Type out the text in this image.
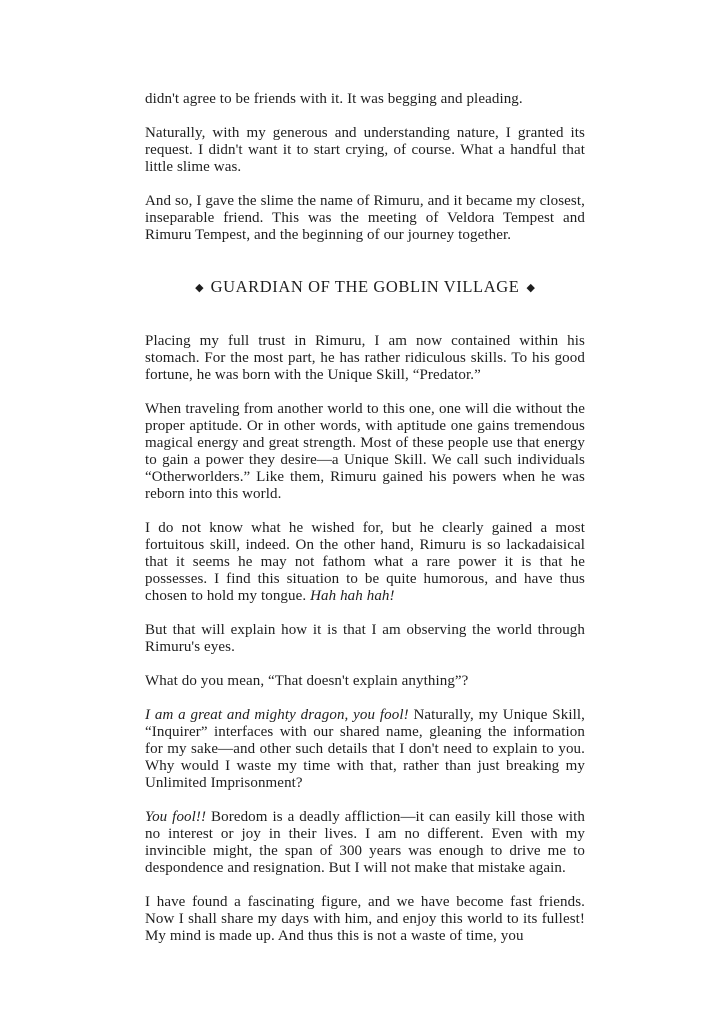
didn't agree to be friends with it. It was begging and pleading.

Naturally, with my generous and understanding nature, I granted its request. I didn't want it to start crying, of course. What a handful that little slime was.

And so, I gave the slime the name of Rimuru, and it became my closest, inseparable friend. This was the meeting of Veldora Tempest and Rimuru Tempest, and the beginning of our journey together.

◆ GUARDIAN OF THE GOBLIN VILLAGE ◆

Placing my full trust in Rimuru, I am now contained within his stomach. For the most part, he has rather ridiculous skills. To his good fortune, he was born with the Unique Skill, “Predator.”

When traveling from another world to this one, one will die without the proper aptitude. Or in other words, with aptitude one gains tremendous magical energy and great strength. Most of these people use that energy to gain a power they desire—a Unique Skill. We call such individuals “Otherworlders.” Like them, Rimuru gained his powers when he was reborn into this world.

I do not know what he wished for, but he clearly gained a most fortuitous skill, indeed. On the other hand, Rimuru is so lackadaisical that it seems he may not fathom what a rare power it is that he possesses. I find this situation to be quite humorous, and have thus chosen to hold my tongue. Hah hah hah!

But that will explain how it is that I am observing the world through Rimuru's eyes.

What do you mean, “That doesn't explain anything”?

I am a great and mighty dragon, you fool! Naturally, my Unique Skill, “Inquirer” interfaces with our shared name, gleaning the information for my sake—and other such details that I don't need to explain to you. Why would I waste my time with that, rather than just breaking my Unlimited Imprisonment?

You fool!! Boredom is a deadly affliction—it can easily kill those with no interest or joy in their lives. I am no different. Even with my invincible might, the span of 300 years was enough to drive me to despondence and resignation. But I will not make that mistake again.

I have found a fascinating figure, and we have become fast friends. Now I shall share my days with him, and enjoy this world to its fullest! My mind is made up. And thus this is not a waste of time, you
